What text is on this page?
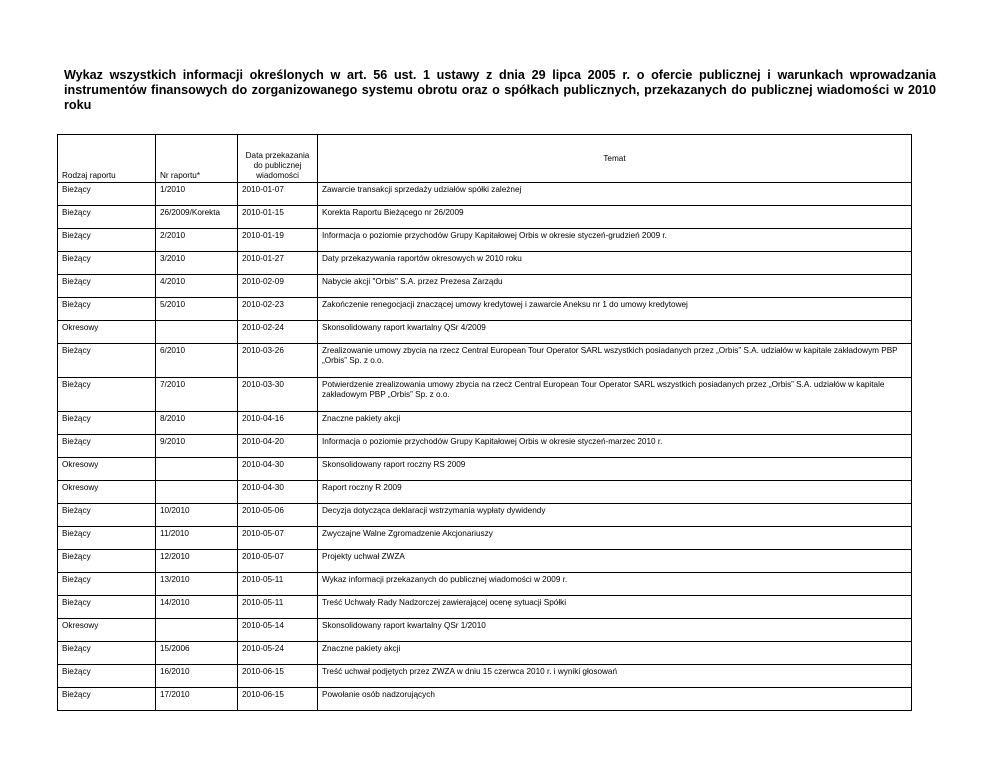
Wykaz wszystkich informacji określonych w art. 56 ust. 1 ustawy z dnia 29 lipca 2005 r. o ofercie publicznej i warunkach wprowadzania instrumentów finansowych do zorganizowanego systemu obrotu oraz o spółkach publicznych, przekazanych do publicznej wiadomości w 2010 roku
Rodzaj raportu	Nr raportu*	Data przekazania do publicznej wiadomości	Temat
Bieżący	1/2010	2010-01-07	Zawarcie transakcji sprzedaży udziałów spółki zależnej
Bieżący	26/2009/Korekta	2010-01-15	Korekta Raportu Bieżącego nr 26/2009
Bieżący	2/2010	2010-01-19	Informacja o poziomie przychodów Grupy Kapitałowej Orbis w okresie styczeń-grudzień 2009 r.
Bieżący	3/2010	2010-01-27	Daty przekazywania raportów okresowych w 2010 roku
Bieżący	4/2010	2010-02-09	Nabycie akcji "Orbis" S.A. przez Prezesa Zarządu
Bieżący	5/2010	2010-02-23	Zakończenie renegocjacji znaczącej umowy kredytowej i zawarcie Aneksu nr 1 do umowy kredytowej
Okresowy		2010-02-24	Skonsolidowany raport kwartalny QSr 4/2009
Bieżący	6/2010	2010-03-26	Zrealizowanie umowy zbycia na rzecz Central European Tour Operator SARL wszystkich posiadanych przez „Orbis” S.A. udziałów w kapitale zakładowym PBP „Orbis” Sp. z o.o.
Bieżący	7/2010	2010-03-30	Potwierdzenie zrealizowania umowy zbycia na rzecz Central European Tour Operator SARL wszystkich posiadanych przez „Orbis” S.A. udziałów w kapitale zakładowym PBP „Orbis” Sp. z o.o.
Bieżący	8/2010	2010-04-16	Znaczne pakiety akcji
Bieżący	9/2010	2010-04-20	Informacja o poziomie przychodów Grupy Kapitałowej Orbis w okresie styczeń-marzec 2010 r.
Okresowy		2010-04-30	Skonsolidowany raport roczny RS 2009
Okresowy		2010-04-30	Raport roczny R 2009
Bieżący	10/2010	2010-05-06	Decyzja dotycząca deklaracji wstrzymania wypłaty dywidendy
Bieżący	11/2010	2010-05-07	Zwyczajne Walne Zgromadzenie Akcjonariuszy
Bieżący	12/2010	2010-05-07	Projekty uchwał ZWZA
Bieżący	13/2010	2010-05-11	Wykaz informacji przekazanych do publicznej wiadomości w 2009 r.
Bieżący	14/2010	2010-05-11	Treść Uchwały Rady Nadzorczej zawierającej ocenę sytuacji Spółki
Okresowy		2010-05-14	Skonsolidowany raport kwartalny QSr 1/2010
Bieżący	15/2006	2010-05-24	Znaczne pakiety akcji
Bieżący	16/2010	2010-06-15	Treść uchwał podjętych przez ZWZA w dniu 15 czerwca 2010 r. i wyniki głosowań
Bieżący	17/2010	2010-06-15	Powołanie osób nadzorujących
